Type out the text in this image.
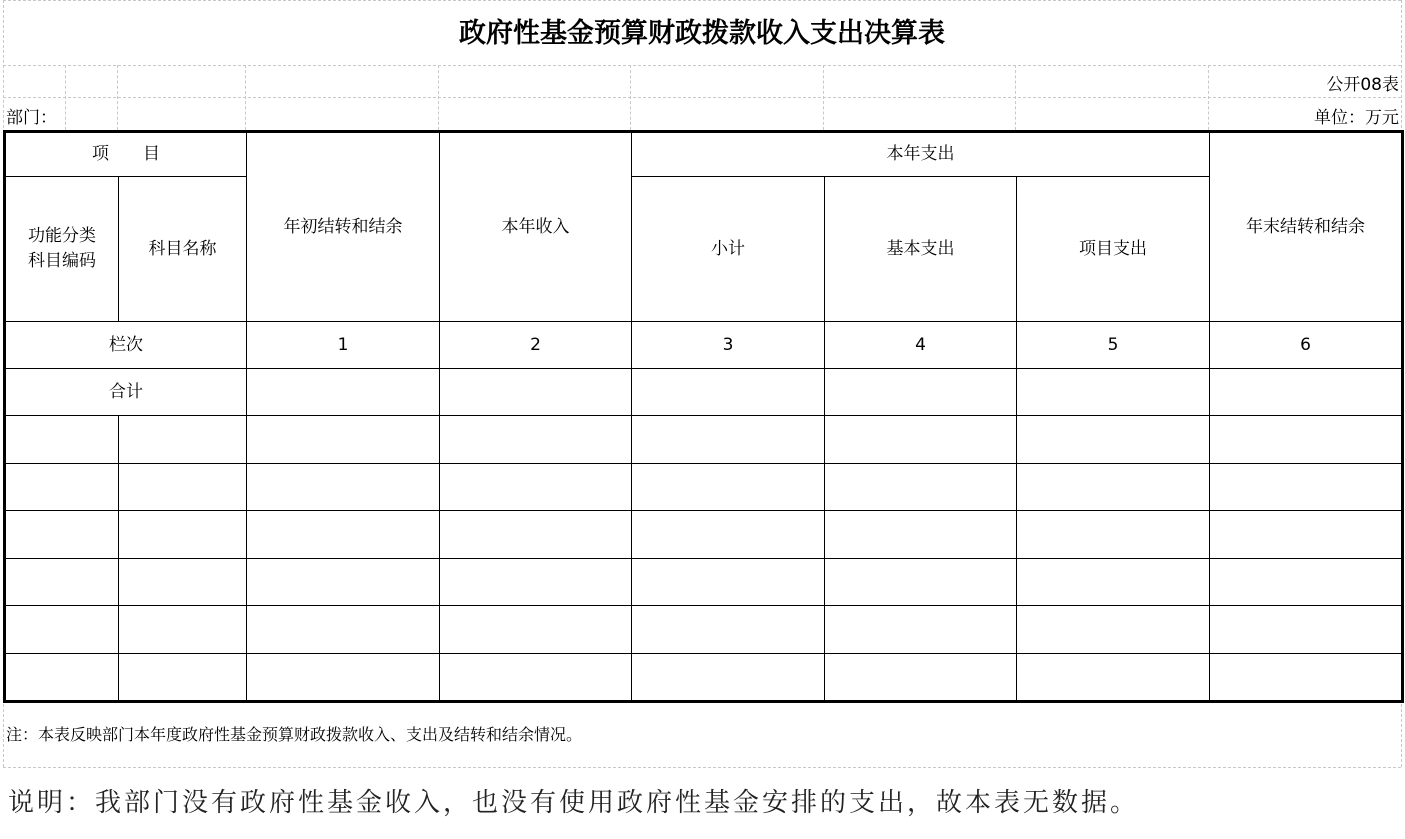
政府性基金预算财政拨款收入支出决算表
公开08表
部门：	单位：万元
项　　目		年初结转和结余	本年收入	本年支出			年末结转和结余
功能分类科目编码	科目名称			小计	基本支出	项目支出	
栏次		1	2	3	4	5	6
合计							

注：本表反映部门本年度政府性基金预算财政拨款收入、支出及结转和结余情况。
说明：我部门没有政府性基金收入，也没有使用政府性基金安排的支出，故本表无数据。
